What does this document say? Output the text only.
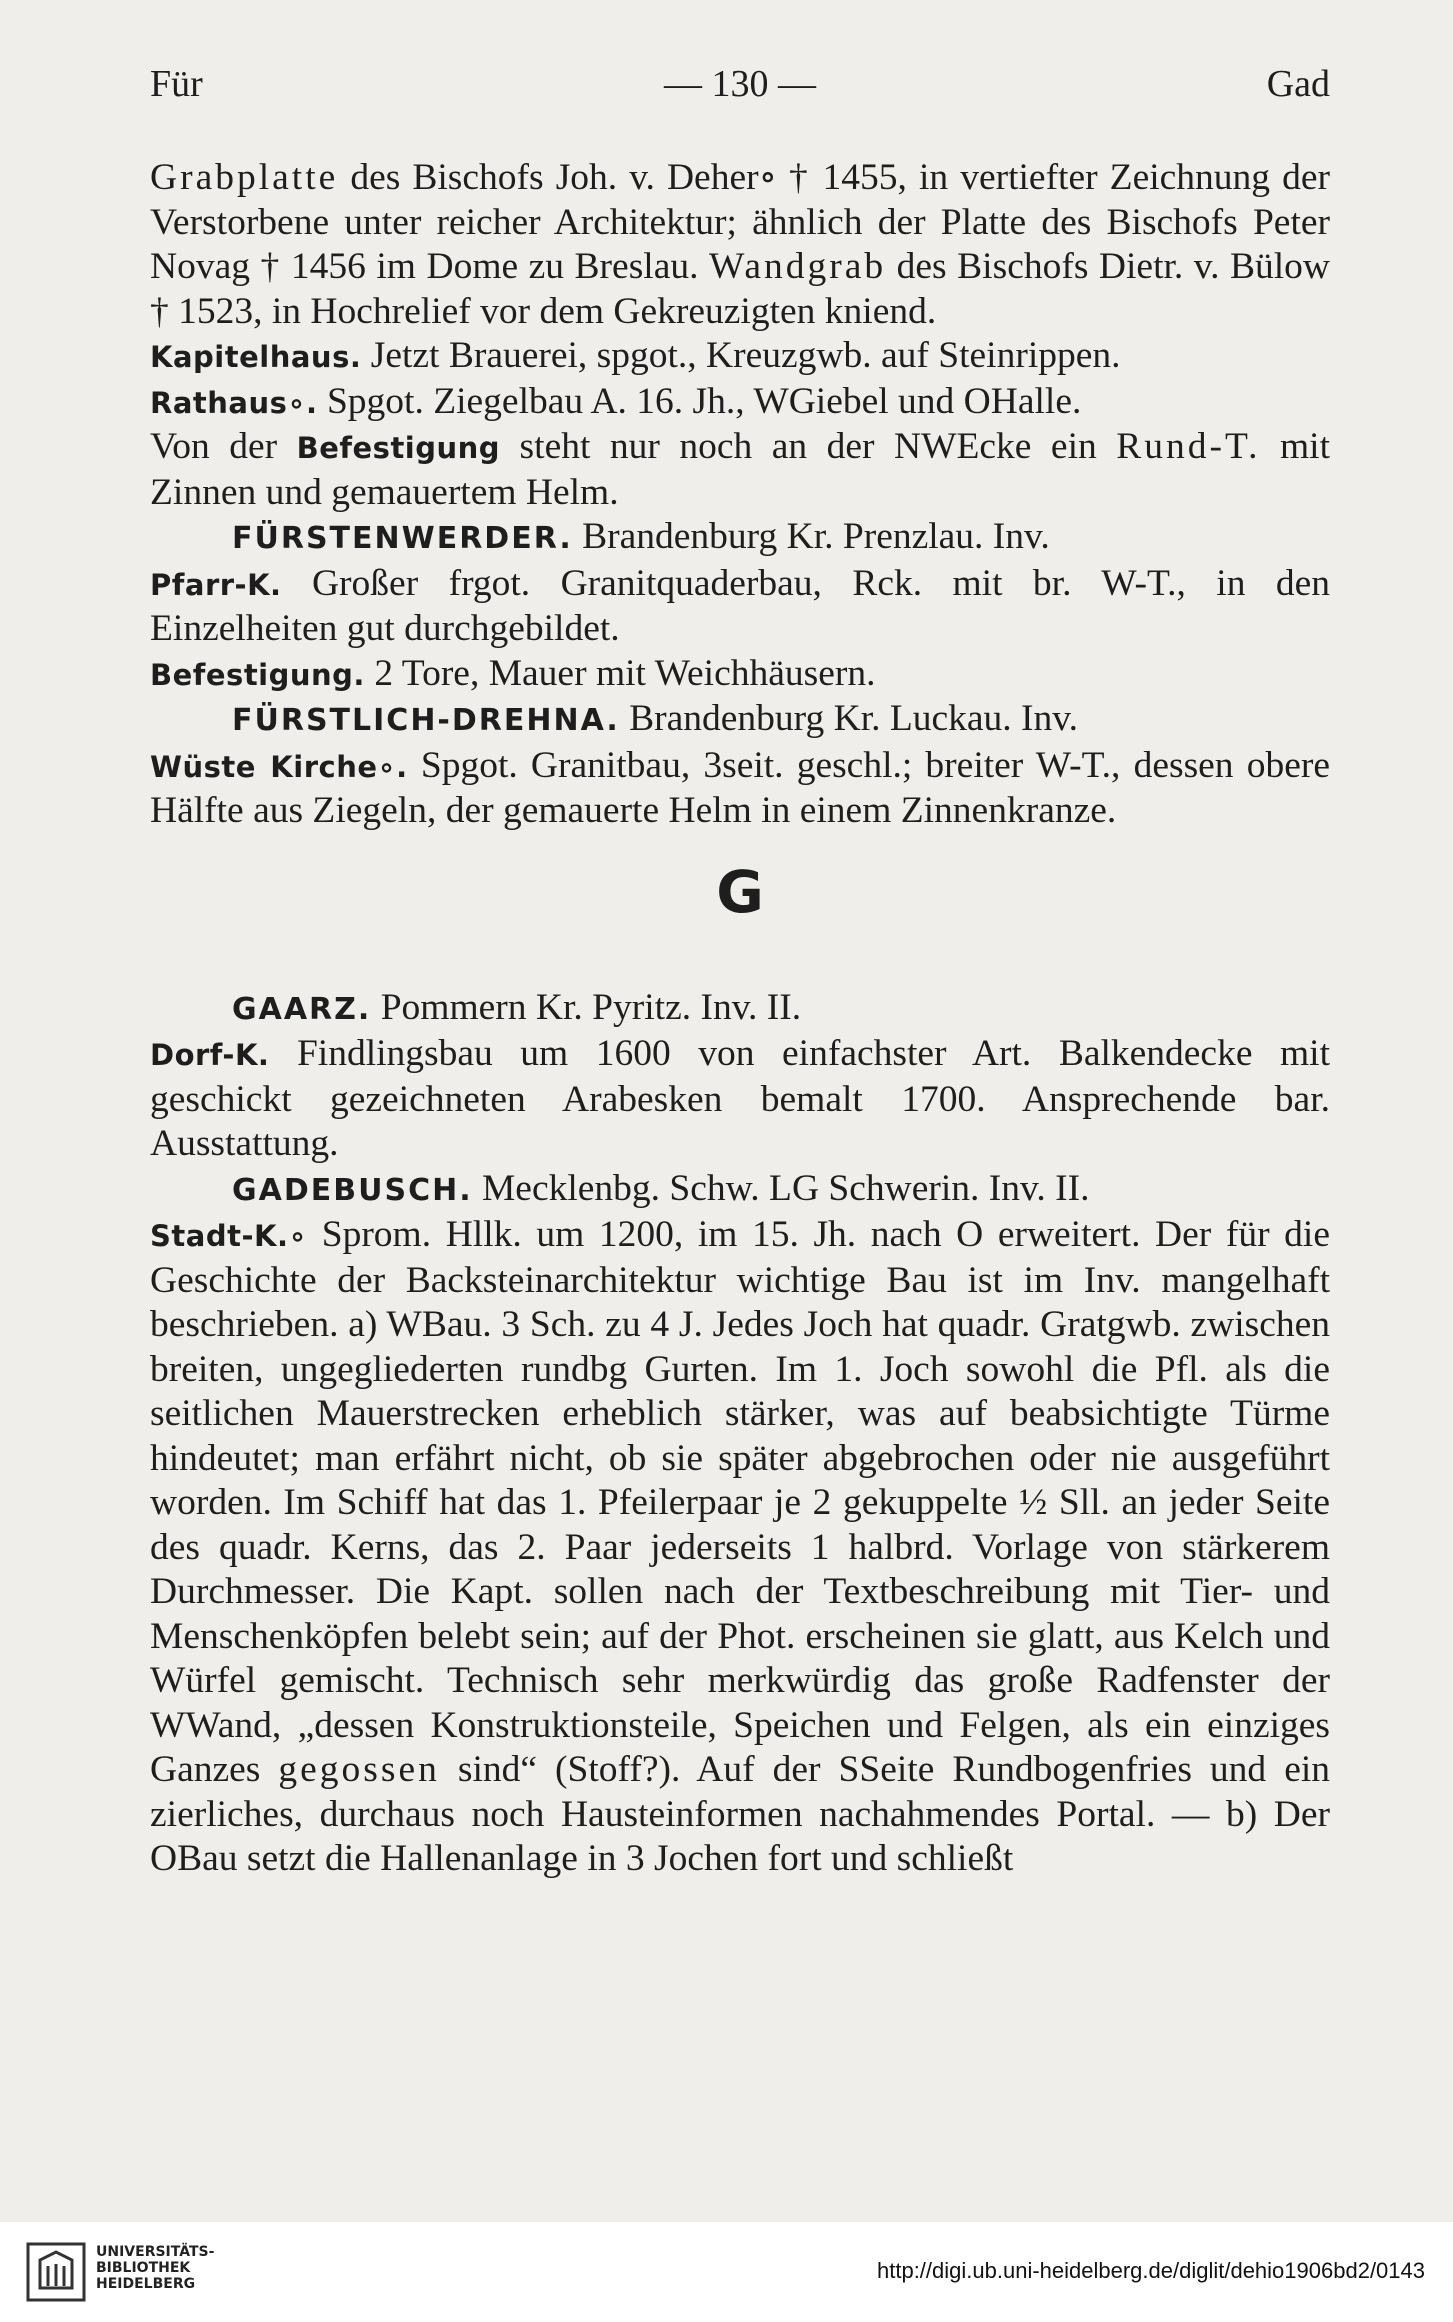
Für	— 130 —	Gad

Grabplatte des Bischofs Joh. v. Deher∘ † 1455, in vertiefter Zeichnung der Verstorbene unter reicher Architektur; ähnlich der Platte des Bischofs Peter Novag † 1456 im Dome zu Breslau. Wandgrab des Bischofs Dietr. v. Bülow † 1523, in Hochrelief vor dem Gekreuzigten kniend.

Kapitelhaus. Jetzt Brauerei, spgot., Kreuzgwb. auf Steinrippen.

Rathaus∘. Spgot. Ziegelbau A. 16. Jh., WGiebel und OHalle.

Von der Befestigung steht nur noch an der NWEcke ein Rund-T. mit Zinnen und gemauertem Helm.

FÜRSTENWERDER. Brandenburg Kr. Prenzlau. Inv.

Pfarr-K. Großer frgot. Granitquaderbau, Rck. mit br. W-T., in den Einzelheiten gut durchgebildet.

Befestigung. 2 Tore, Mauer mit Weichhäusern.

FÜRSTLICH-DREHNA. Brandenburg Kr. Luckau. Inv.

Wüste Kirche∘. Spgot. Granitbau, 3seit. geschl.; breiter W-T., dessen obere Hälfte aus Ziegeln, der gemauerte Helm in einem Zinnenkranze.

G

GAARZ. Pommern Kr. Pyritz. Inv. II.

Dorf-K. Findlingsbau um 1600 von einfachster Art. Balkendecke mit geschickt gezeichneten Arabesken bemalt 1700. Ansprechende bar. Ausstattung.

GADEBUSCH. Mecklenbg. Schw. LG Schwerin. Inv. II.

Stadt-K.∘ Sprom. Hllk. um 1200, im 15. Jh. nach O erweitert. Der für die Geschichte der Backsteinarchitektur wichtige Bau ist im Inv. mangelhaft beschrieben. a) WBau. 3 Sch. zu 4 J. Jedes Joch hat quadr. Gratgwb. zwischen breiten, ungegliederten rundbg Gurten. Im 1. Joch sowohl die Pfl. als die seitlichen Mauerstrecken erheblich stärker, was auf beabsichtigte Türme hindeutet; man erfährt nicht, ob sie später abgebrochen oder nie ausgeführt worden. Im Schiff hat das 1. Pfeilerpaar je 2 gekuppelte ½ Sll. an jeder Seite des quadr. Kerns, das 2. Paar jederseits 1 halbrd. Vorlage von stärkerem Durchmesser. Die Kapt. sollen nach der Textbeschreibung mit Tier- und Menschenköpfen belebt sein; auf der Phot. erscheinen sie glatt, aus Kelch und Würfel gemischt. Technisch sehr merkwürdig das große Radfenster der WWand, „dessen Konstruktionsteile, Speichen und Felgen, als ein einziges Ganzes gegossen sind“ (Stoff?). Auf der SSeite Rundbogenfries und ein zierliches, durchaus noch Hausteinformen nachahmendes Portal. — b) Der OBau setzt die Hallenanlage in 3 Jochen fort und schließt

UNIVERSITÄTS-
BIBLIOTHEK
HEIDELBERG
http://digi.ub.uni-heidelberg.de/diglit/dehio1906bd2/0143
